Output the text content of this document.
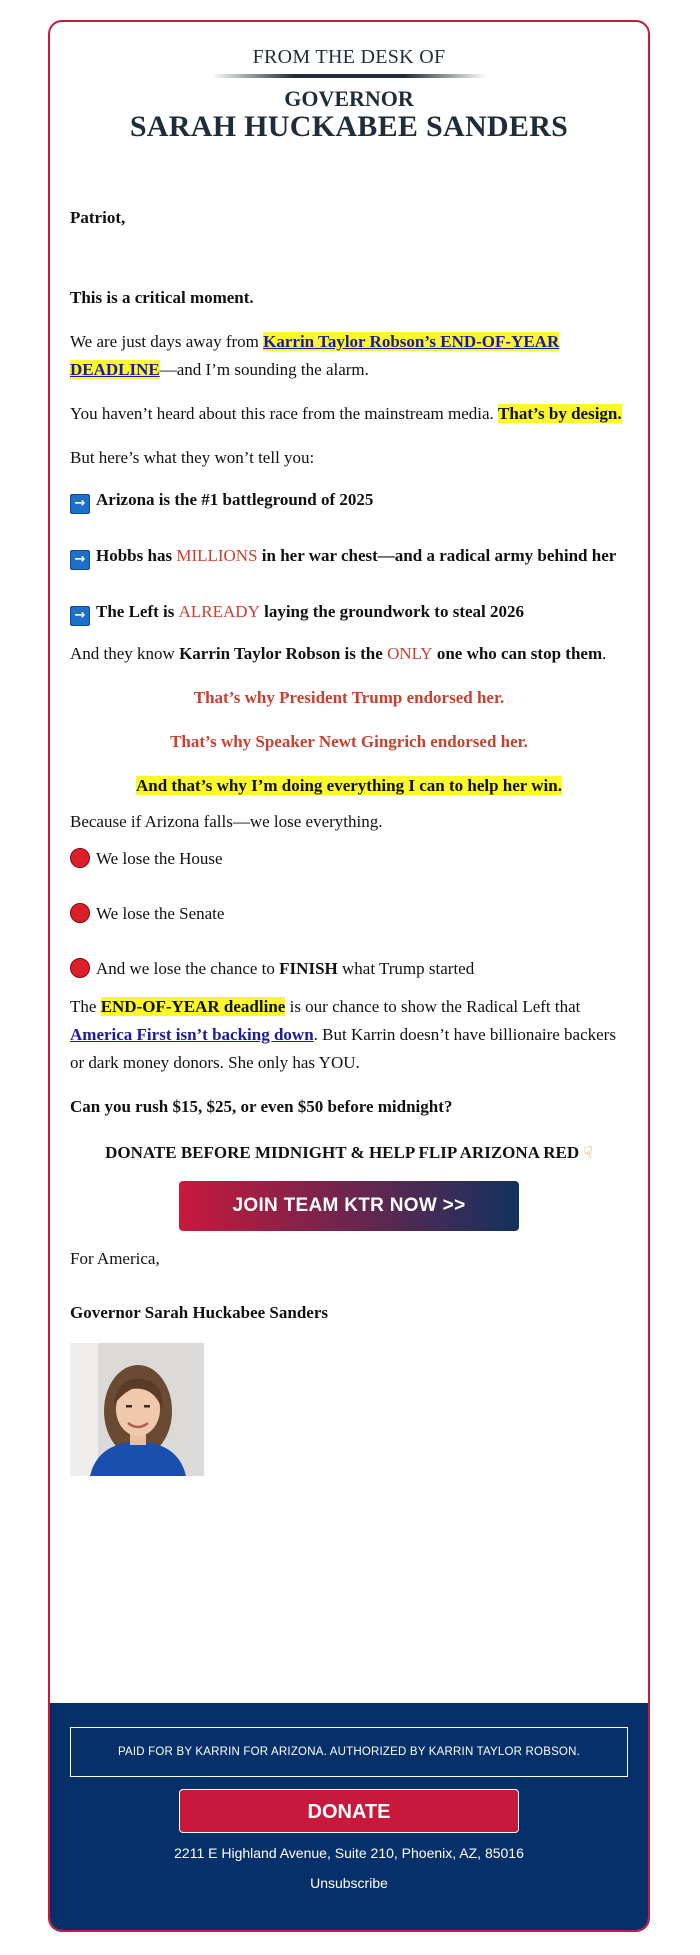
FROM THE DESK OF
GOVERNOR
SARAH HUCKABEE SANDERS

Patriot,

This is a critical moment.

We are just days away from Karrin Taylor Robson’s END-OF-YEAR DEADLINE—and I’m sounding the alarm.

You haven’t heard about this race from the mainstream media. That’s by design.

But here’s what they won’t tell you:

→ Arizona is the #1 battleground of 2025

→ Hobbs has MILLIONS in her war chest—and a radical army behind her

→ The Left is ALREADY laying the groundwork to steal 2026

And they know Karrin Taylor Robson is the ONLY one who can stop them.

That’s why President Trump endorsed her.

That’s why Speaker Newt Gingrich endorsed her.

And that’s why I’m doing everything I can to help her win.

Because if Arizona falls—we lose everything.

We lose the House

We lose the Senate

And we lose the chance to FINISH what Trump started

The END-OF-YEAR deadline is our chance to show the Radical Left that America First isn’t backing down. But Karrin doesn’t have billionaire backers or dark money donors. She only has YOU.

Can you rush $15, $25, or even $50 before midnight?

DONATE BEFORE MIDNIGHT & HELP FLIP ARIZONA RED ☟

JOIN TEAM KTR NOW >>

For America,

Governor Sarah Huckabee Sanders

PAID FOR BY KARRIN FOR ARIZONA. AUTHORIZED BY KARRIN TAYLOR ROBSON.
DONATE
2211 E Highland Avenue, Suite 210, Phoenix, AZ, 85016
Unsubscribe
